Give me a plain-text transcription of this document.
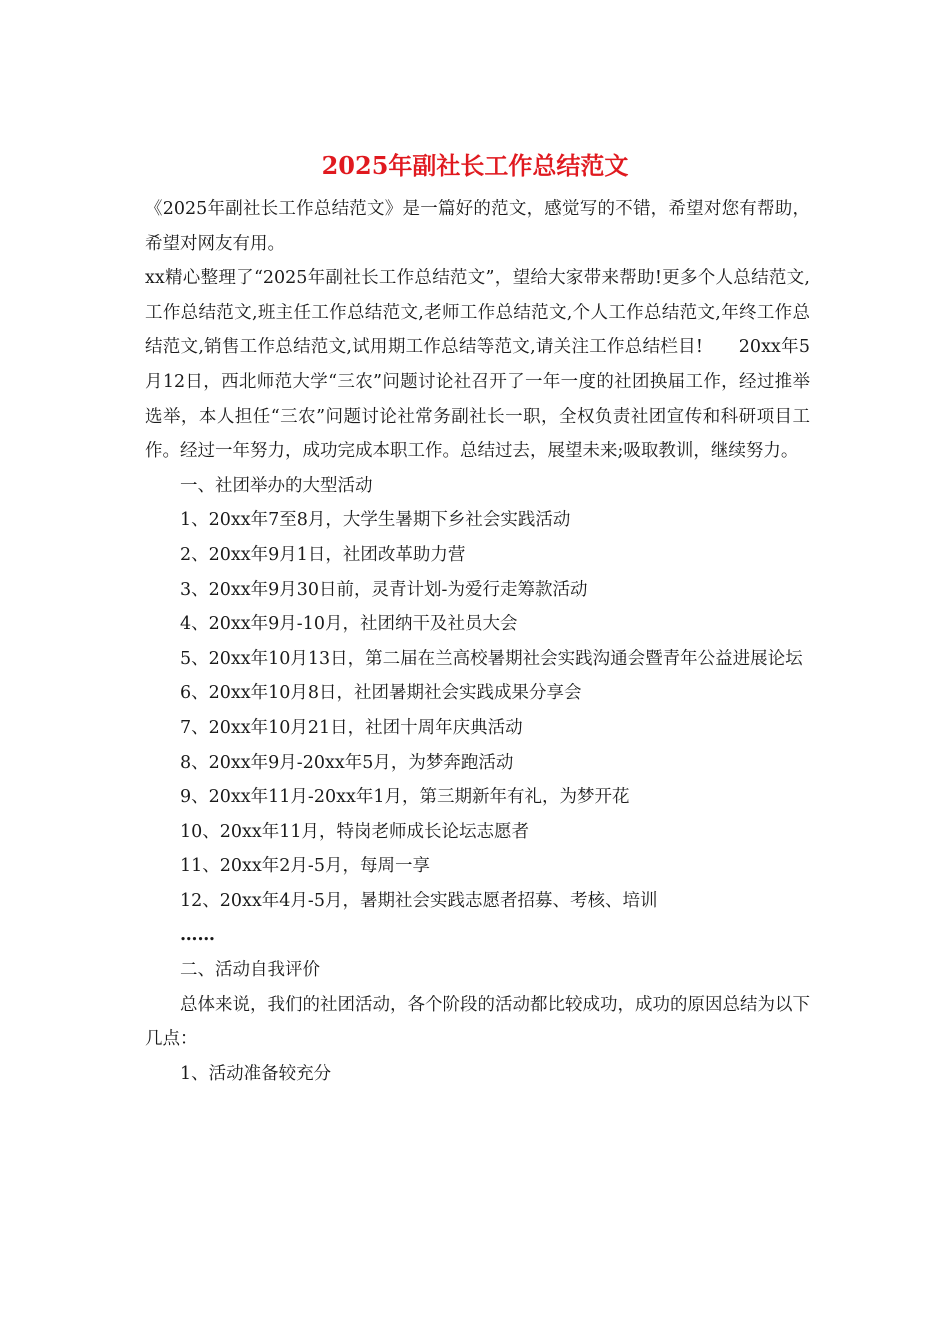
2025年副社长工作总结范文

《2025年副社长工作总结范文》是一篇好的范文，感觉写的不错，希望对您有帮助，希望对网友有用。

xx精心整理了“2025年副社长工作总结范文”，望给大家带来帮助!更多个人总结范文,工作总结范文,班主任工作总结范文,老师工作总结范文,个人工作总结范文,年终工作总结范文,销售工作总结范文,试用期工作总结等范文,请关注工作总结栏目!　　20xx年5月12日，西北师范大学“三农”问题讨论社召开了一年一度的社团换届工作，经过推举选举，本人担任“三农”问题讨论社常务副社长一职，全权负责社团宣传和科研项目工作。经过一年努力，成功完成本职工作。总结过去，展望未来;吸取教训，继续努力。

一、社团举办的大型活动

1、20xx年7至8月，大学生暑期下乡社会实践活动

2、20xx年9月1日，社团改革助力营

3、20xx年9月30日前，灵青计划-为爱行走筹款活动

4、20xx年9月-10月，社团纳干及社员大会

5、20xx年10月13日，第二届在兰高校暑期社会实践沟通会暨青年公益进展论坛

6、20xx年10月8日，社团暑期社会实践成果分享会

7、20xx年10月21日，社团十周年庆典活动

8、20xx年9月-20xx年5月，为梦奔跑活动

9、20xx年11月-20xx年1月，第三期新年有礼，为梦开花

10、20xx年11月，特岗老师成长论坛志愿者

11、20xx年2月-5月，每周一享

12、20xx年4月-5月，暑期社会实践志愿者招募、考核、培训

……

二、活动自我评价

总体来说，我们的社团活动，各个阶段的活动都比较成功，成功的原因总结为以下几点：

1、活动准备较充分
